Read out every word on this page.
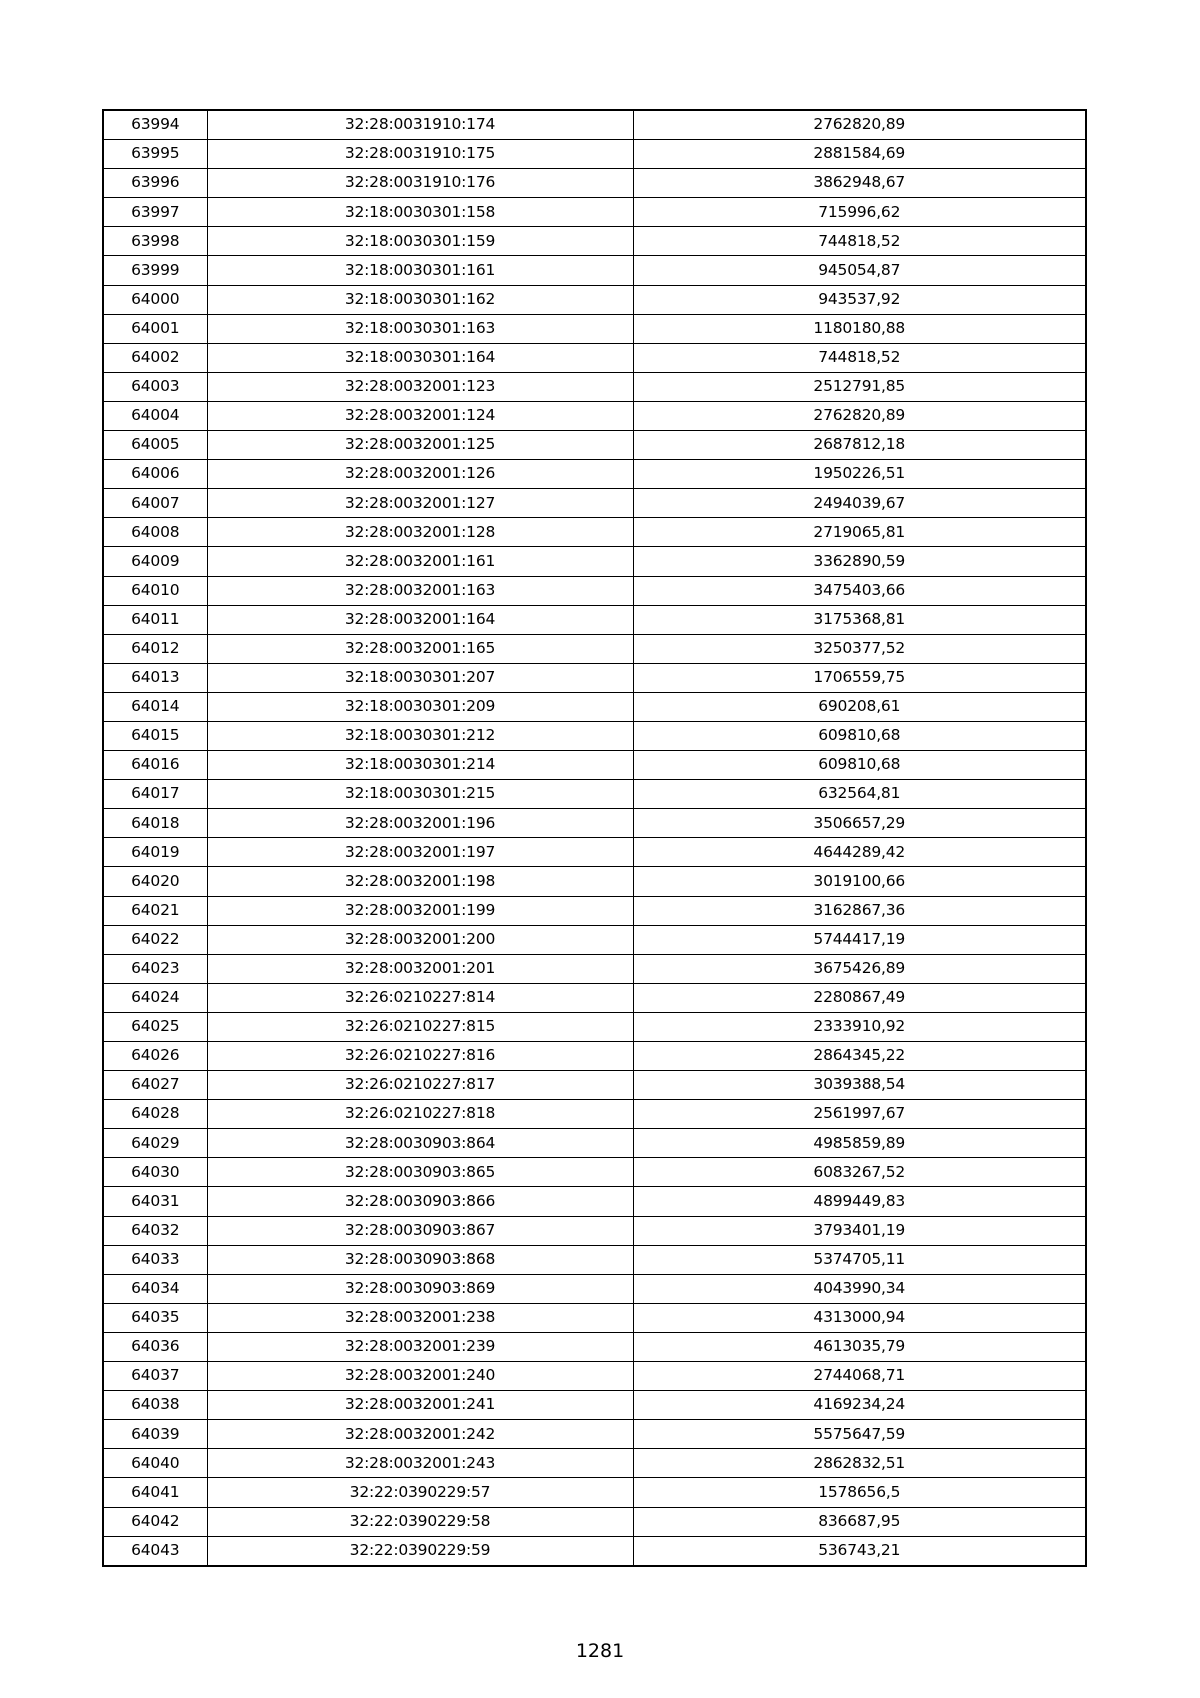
63994	32:28:0031910:174	2762820,89
63995	32:28:0031910:175	2881584,69
63996	32:28:0031910:176	3862948,67
63997	32:18:0030301:158	715996,62
63998	32:18:0030301:159	744818,52
63999	32:18:0030301:161	945054,87
64000	32:18:0030301:162	943537,92
64001	32:18:0030301:163	1180180,88
64002	32:18:0030301:164	744818,52
64003	32:28:0032001:123	2512791,85
64004	32:28:0032001:124	2762820,89
64005	32:28:0032001:125	2687812,18
64006	32:28:0032001:126	1950226,51
64007	32:28:0032001:127	2494039,67
64008	32:28:0032001:128	2719065,81
64009	32:28:0032001:161	3362890,59
64010	32:28:0032001:163	3475403,66
64011	32:28:0032001:164	3175368,81
64012	32:28:0032001:165	3250377,52
64013	32:18:0030301:207	1706559,75
64014	32:18:0030301:209	690208,61
64015	32:18:0030301:212	609810,68
64016	32:18:0030301:214	609810,68
64017	32:18:0030301:215	632564,81
64018	32:28:0032001:196	3506657,29
64019	32:28:0032001:197	4644289,42
64020	32:28:0032001:198	3019100,66
64021	32:28:0032001:199	3162867,36
64022	32:28:0032001:200	5744417,19
64023	32:28:0032001:201	3675426,89
64024	32:26:0210227:814	2280867,49
64025	32:26:0210227:815	2333910,92
64026	32:26:0210227:816	2864345,22
64027	32:26:0210227:817	3039388,54
64028	32:26:0210227:818	2561997,67
64029	32:28:0030903:864	4985859,89
64030	32:28:0030903:865	6083267,52
64031	32:28:0030903:866	4899449,83
64032	32:28:0030903:867	3793401,19
64033	32:28:0030903:868	5374705,11
64034	32:28:0030903:869	4043990,34
64035	32:28:0032001:238	4313000,94
64036	32:28:0032001:239	4613035,79
64037	32:28:0032001:240	2744068,71
64038	32:28:0032001:241	4169234,24
64039	32:28:0032001:242	5575647,59
64040	32:28:0032001:243	2862832,51
64041	32:22:0390229:57	1578656,5
64042	32:22:0390229:58	836687,95
64043	32:22:0390229:59	536743,21
1281
